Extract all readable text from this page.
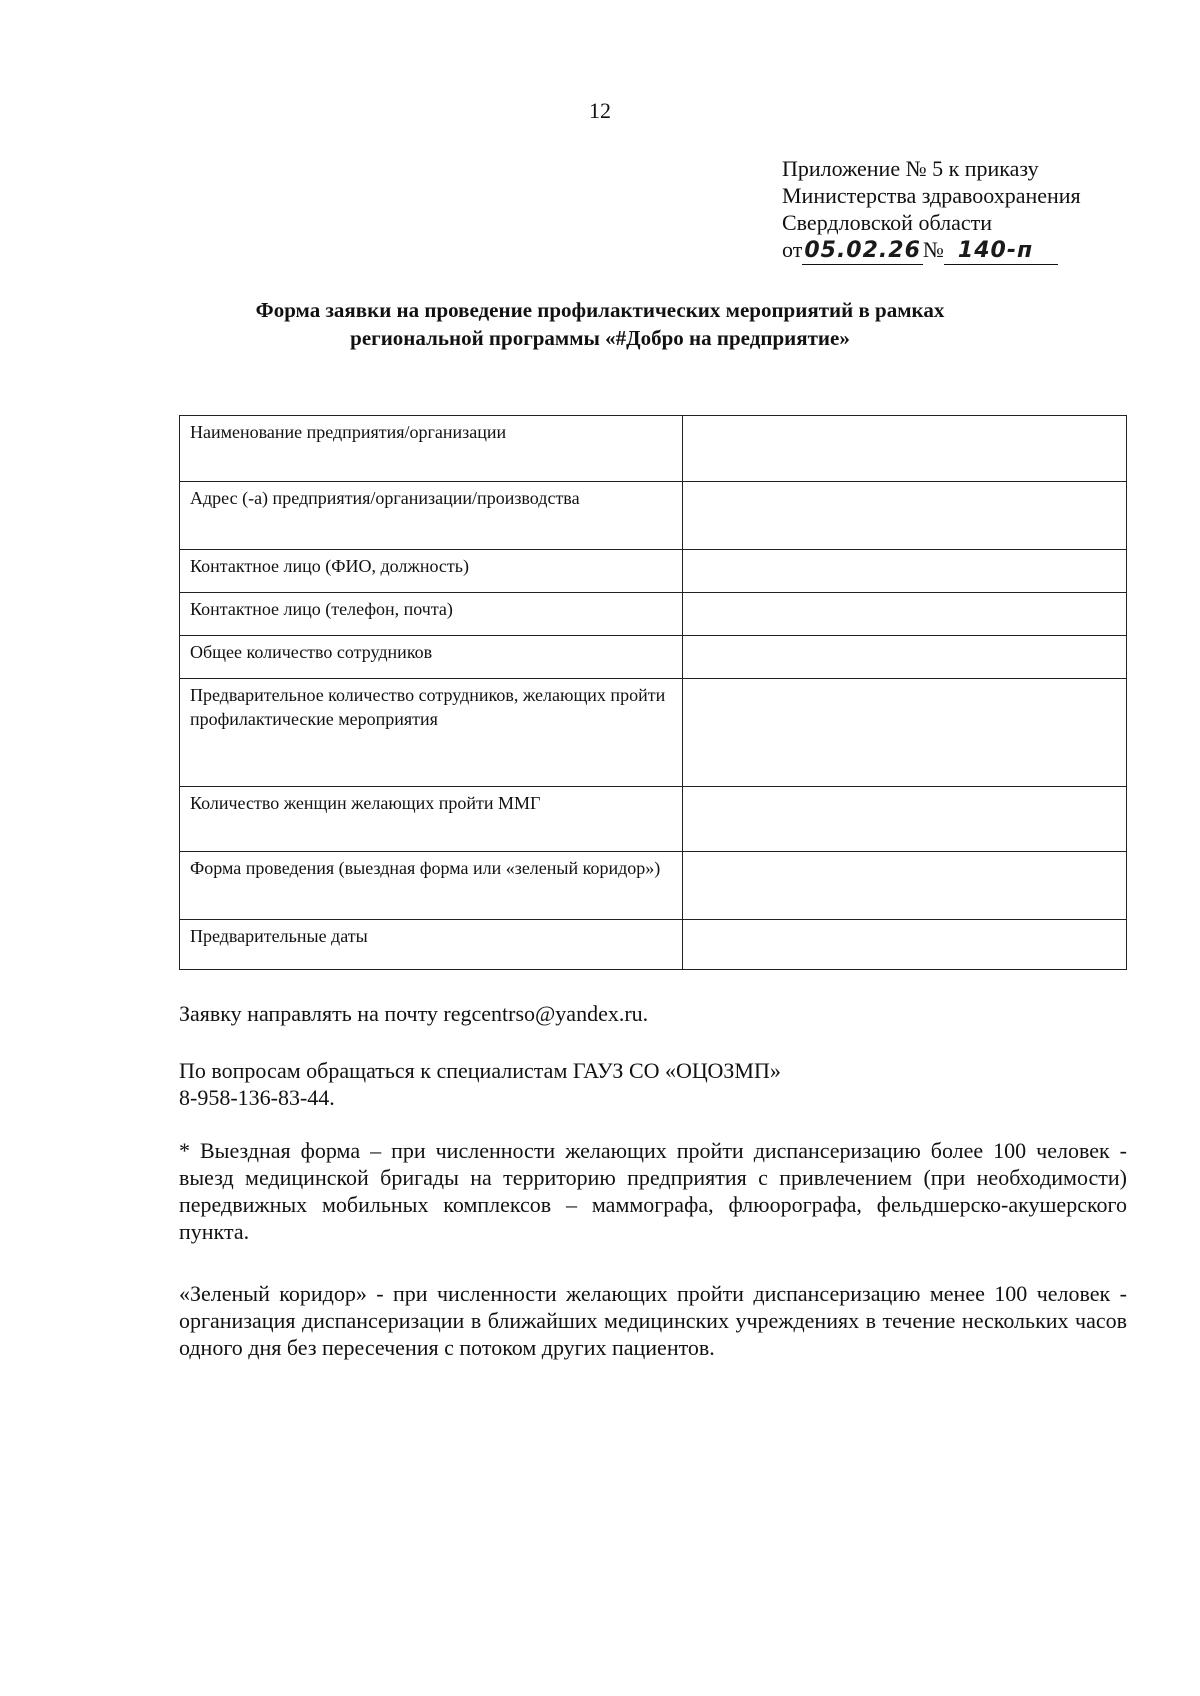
12
Приложение № 5 к приказу
Министерства здравоохранения
Свердловской области
от 05.02.26 № 140-п
Форма заявки на проведение профилактических мероприятий в рамках
региональной программы «#Добро на предприятие»
Наименование предприятия/организации	
Адрес (-а) предприятия/организации/производства	
Контактное лицо (ФИО, должность)	
Контактное лицо (телефон, почта)	
Общее количество сотрудников	
Предварительное количество сотрудников, желающих пройти профилактические мероприятия	
Количество женщин желающих пройти ММГ	
Форма проведения (выездная форма или «зеленый коридор»)	
Предварительные даты	
Заявку направлять на почту regcentrso@yandex.ru.
По вопросам обращаться к специалистам ГАУЗ СО «ОЦОЗМП»
8-958-136-83-44.
* Выездная форма – при численности желающих пройти диспансеризацию более 100 человек - выезд медицинской бригады на территорию предприятия с привлечением (при необходимости) передвижных мобильных комплексов – маммографа, флюорографа, фельдшерско-акушерского пункта.
«Зеленый коридор» - при численности желающих пройти диспансеризацию менее 100 человек - организация диспансеризации в ближайших медицинских учреждениях в течение нескольких часов одного дня без пересечения с потоком других пациентов.
